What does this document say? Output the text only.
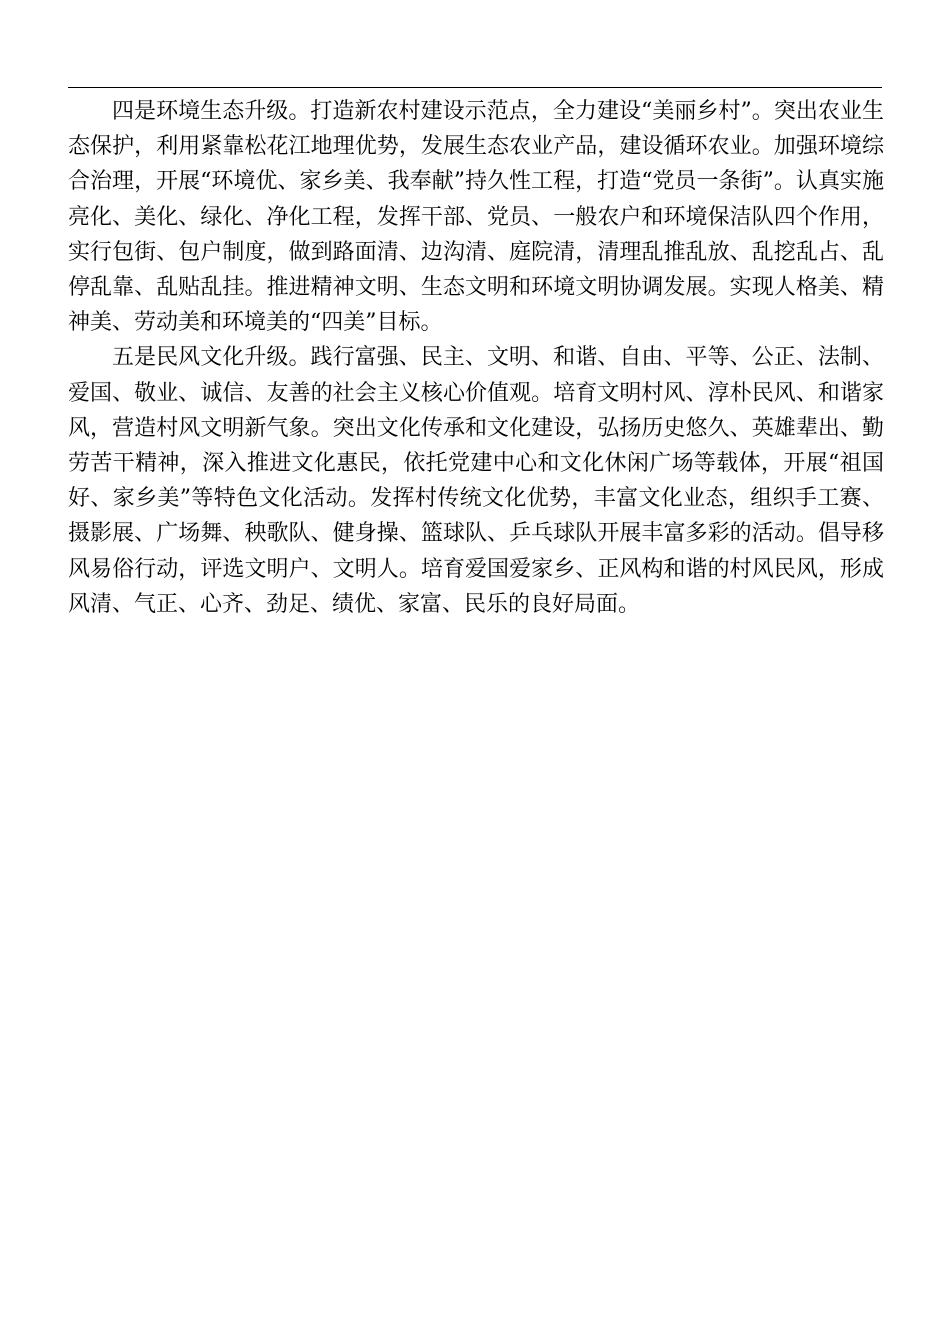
四是环境生态升级。打造新农村建设示范点，全力建设“美丽乡村”。突出农业生态保护，利用紧靠松花江地理优势，发展生态农业产品，建设循环农业。加强环境综合治理，开展“环境优、家乡美、我奉献”持久性工程，打造“党员一条街”。认真实施亮化、美化、绿化、净化工程，发挥干部、党员、一般农户和环境保洁队四个作用，实行包街、包户制度，做到路面清、边沟清、庭院清，清理乱推乱放、乱挖乱占、乱停乱靠、乱贴乱挂。推进精神文明、生态文明和环境文明协调发展。实现人格美、精神美、劳动美和环境美的“四美”目标。

五是民风文化升级。践行富强、民主、文明、和谐、自由、平等、公正、法制、爱国、敬业、诚信、友善的社会主义核心价值观。培育文明村风、淳朴民风、和谐家风，营造村风文明新气象。突出文化传承和文化建设，弘扬历史悠久、英雄辈出、勤劳苦干精神，深入推进文化惠民，依托党建中心和文化休闲广场等载体，开展“祖国好、家乡美”等特色文化活动。发挥村传统文化优势，丰富文化业态，组织手工赛、摄影展、广场舞、秧歌队、健身操、篮球队、乒乓球队开展丰富多彩的活动。倡导移风易俗行动，评选文明户、文明人。培育爱国爱家乡、正风构和谐的村风民风，形成风清、气正、心齐、劲足、绩优、家富、民乐的良好局面。
